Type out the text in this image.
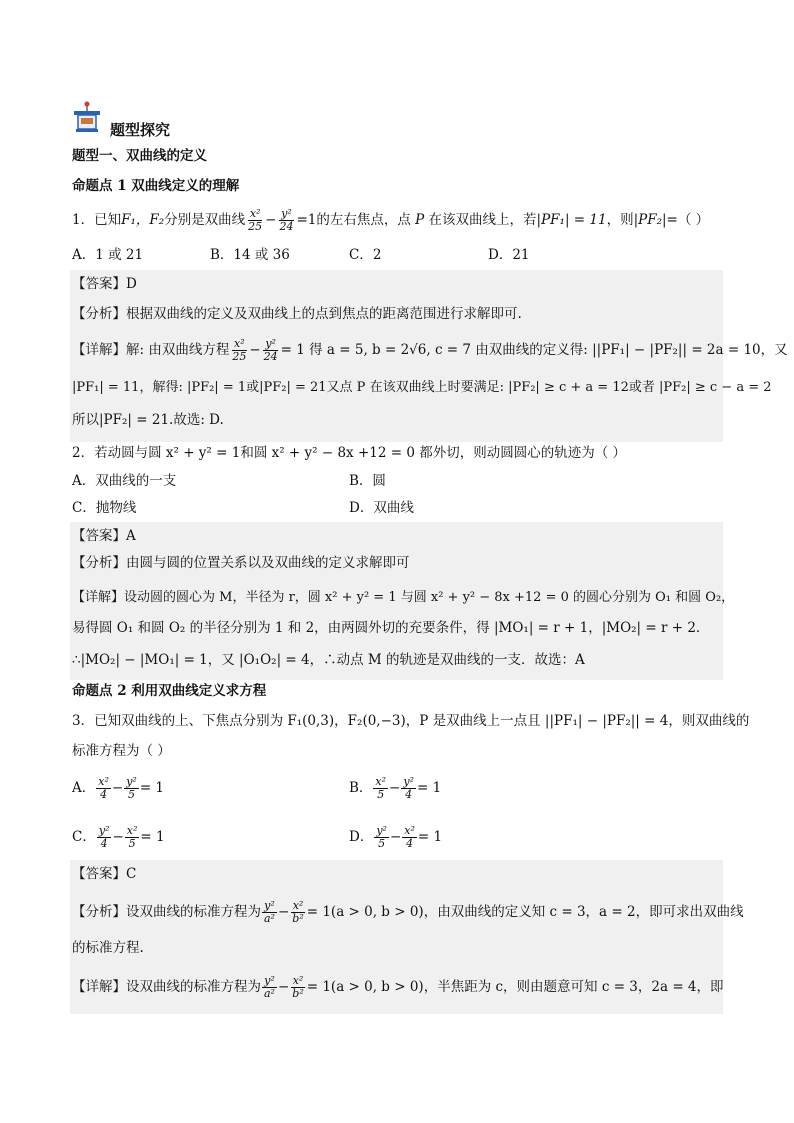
题型探究
题型一、双曲线的定义
命题点 1 双曲线定义的理解
1．已知F₁，F₂分别是双曲线 $\frac{\text{x²}}{25} - \frac{\text{y²}}{24} =1$的左右焦点，点 P 在该双曲线上，若|PF₁| = 11，则|PF₂|=（ ）
A．1 或 21	B．14 或 36	C．2	D．21
【答案】D
【分析】根据双曲线的定义及双曲线上的点到焦点的距离范围进行求解即可.
【详解】解: 由双曲线方程 $\frac{\text{x²}}{25} - \frac{\text{y²}}{24} = 1$ 得 a = 5, b = 2√6, c = 7 由双曲线的定义得: ||PF₁| − |PF₂|| = 2a = 10，又
|PF₁| = 11，解得: |PF₂| = 1或|PF₂| = 21又点 P 在该双曲线上时要满足: |PF₂| ≥ c + a = 12或者 |PF₂| ≥ c − a = 2
所以|PF₂| = 21.故选: D.
2．若动圆与圆 x² + y² = 1和圆 x² + y² − 8x +12 = 0 都外切，则动圆圆心的轨迹为（ ）
A．双曲线的一支	B．圆
C．抛物线	D．双曲线
【答案】A
【分析】由圆与圆的位置关系以及双曲线的定义求解即可
【详解】设动圆的圆心为 M，半径为 r，圆 x² + y² = 1 与圆 x² + y² − 8x +12 = 0 的圆心分别为 O₁ 和圆 O₂，
易得圆 O₁ 和圆 O₂ 的半径分别为 1 和 2，由两圆外切的充要条件，得 |MO₁| = r + 1，|MO₂| = r + 2．
∴|MO₂| − |MO₁| = 1，又 |O₁O₂| = 4，∴动点 M 的轨迹是双曲线的一支．故选：A
命题点 2 利用双曲线定义求方程
3．已知双曲线的上、下焦点分别为 F₁(0,3)，F₂(0,−3)，P 是双曲线上一点且 ||PF₁| − |PF₂|| = 4，则双曲线的
标准方程为（ ）
A． $\frac{\text{x²}}{4} - \frac{\text{y²}}{5} = 1$	B． $\frac{\text{x²}}{5} - \frac{\text{y²}}{4} = 1$
C． $\frac{\text{y²}}{4} - \frac{\text{x²}}{5} = 1$	D． $\frac{\text{y²}}{5} - \frac{\text{x²}}{4} = 1$
【答案】C
【分析】设双曲线的标准方程为 $\frac{\text{y²}}{\text{a²}} - \frac{\text{x²}}{\text{b²}} = 1(a > 0$, b > 0)，由双曲线的定义知 c = 3，a = 2，即可求出双曲线
的标准方程.
【详解】设双曲线的标准方程为 $\frac{\text{y²}}{\text{a²}} - \frac{\text{x²}}{\text{b²}} = 1(a > 0$, b > 0)，半焦距为 c，则由题意可知 c = 3，2a = 4，即
